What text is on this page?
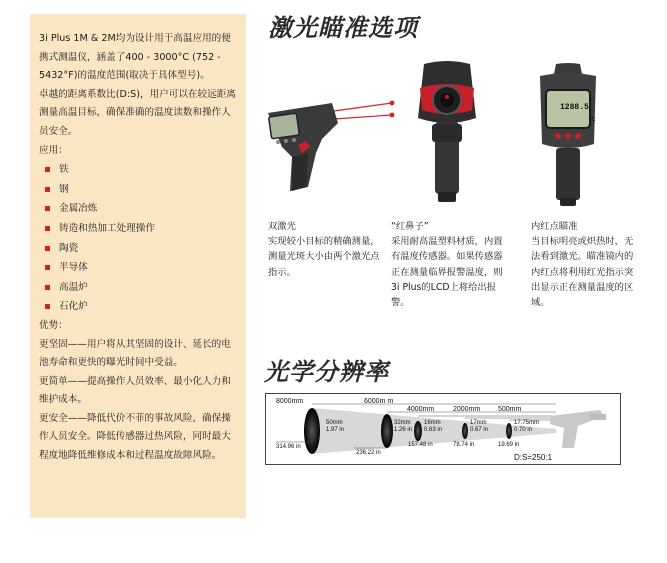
3i Plus 1M & 2M均为设计用于高温应用的便携式测温仪，涵盖了400 - 3000°C (752 - 5432°F)的温度范围(取决于具体型号)。

卓越的距离系数比(D:S)，用户可以在较远距离测量高温目标，确保准确的温度读数和操作人员安全。

应用：

铁
钢
金属冶炼
铸造和热加工处理操作
陶瓷
半导体
高温炉
石化炉

优势：

更坚固——用户将从其坚固的设计、延长的电池寿命和更快的曝光时间中受益。

更简单——提高操作人员效率、最小化人力和维护成本。

更安全——降低代价不菲的事故风险，确保操作人员安全。降低传感器过热风险，同时最大程度地降低维修成本和过程温度故障风险。

激光瞄准选项
光学分辨率
1288.5
°C
双激光
实现较小目标的精确测量，测量光斑大小由两个激光点指示。
“红鼻子”
采用耐高温塑料材质，内置有温度传感器。如果传感器正在测量临界报警温度，则3i Plus的LCD上将给出报警。
内红点瞄准
当目标明亮或炽热时，无法看到激光。瞄准镜内的内红点将利用红光指示突出显示正在测量温度的区域。
8000mm	6000m m
4000mm	2000mm	500mm
50mm
1.97 in
32mm
1.26 in
16mm
0.63 in
17mm
0.67 in
17.75mm
0.70 in
314.96 in
236.22 in
157.48 in	78.74 in	19.69 in
D:S=250:1
